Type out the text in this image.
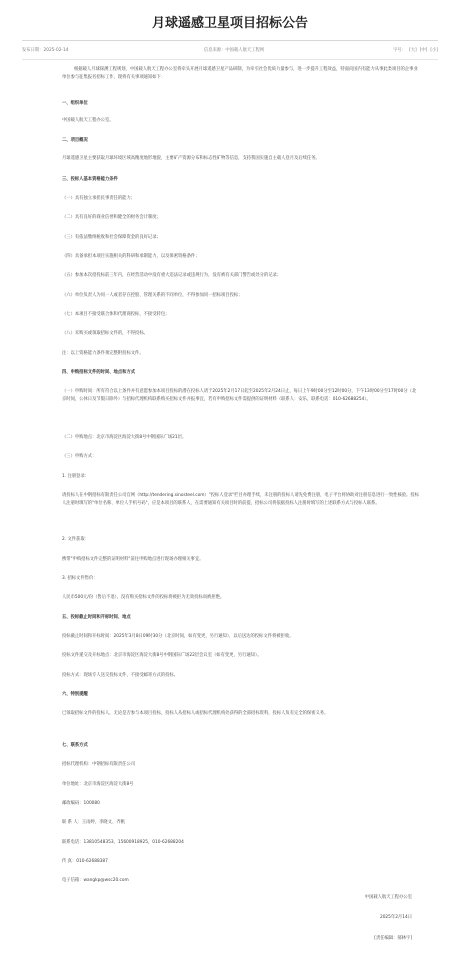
月球遥感卫星项目招标公告
发布日期：2025-02-14	信息来源：中国载人航天工程网	字号： [大] [中] [小]
根据载人月球探测工程规划，中国载人航天工程办公室将牵头开展月球遥感卫星产品研制，为牵引社会优质力量参与，进一步提升工程效益，特面向国内有能力从事此类项目的企事业单位参与征集报名招标工作，现将有关事项通知如下：
一、组织单位
中国载人航天工程办公室。
二、项目概况
月球遥感卫星主要获取月球环境区域高精度地形地貌，主要矿产资源分布和标志性矿物等信息，支持我国实施自主载人登月及后续任务。
三、投标人基本资格能力条件
（一）具有独立承担民事责任的能力；
（二）具有良好的商业信誉和健全的财务会计制度；
（三）有依法缴纳税收和社会保障资金的良好记录；
（四）具备承担本项目实施相关的科研和承制能力，以及保密资格条件；
（五）参加本次招投标前三年内，在经营活动中没有重大违法记录或违规行为，没有被有关部门警告或处分的记录；
（六）单位负责人为同一人或者存在控股、管理关系的不同单位，不得参加同一招标项目投标；
（七）本项目不接受联合体和代理商投标，不接受转包；
（八）未购买或领取招标文件的，不得投标。
注：以上资格能力条件须完整附投标文件。
四、申购招标文件的时间、地点和方式
（一）申购时间：所有符合以上条件并有意愿参加本项目投标的潜在投标人请于2025年2月17日起至2025年2月24日止，每日上午9时00分至12时00分，下午13时00分至17时00分（北京时间，公休日及节假日除外）与招标代理机构联系购买招标文件并报事宜，若有申购招标文件需提供的证明材料（联系人：安乐，联系电话：010-62688254）。
（二）申购地点：北京市海淀区海淀大街8号中钢国际广场21层。
（三）申购方式：
1. 注册登录：
请投标人在中钢招标有限责任公司官网（http://tendering.sinosteel.com）"投标人登录"栏目办理手续，未注册的投标人请先免费注册，电子平台将协助对注册信息进行一致性核验。投标人注册时填写的"单位名称、单位人手机号码"，应是本项目的联系人，在需要通知有关项目时的前提，招标公司将依据投标人注册时填写的上述联系方式与投标人联系。
2. 文件获取：
携带"申购招标文件完整的证明材料"前往申购地点进行现场办理相关事宜。
3. 招标文件售价：
人民币500元/份（售后不退），没有购买招标文件的投标将被拒为无效投标而被拒绝。
五、投标截止时间和开标时间、地点
投标截止时间和开标时间：2025年3月8日09时30分（北京时间，如有变更，另行通知），以后送达的投标文件将被拒收。
投标文件递交及开标地点：北京市海淀区海淀大街8号中钢国际广场22层会议室（如有变更，另行通知）。
投标方式：现场专人送交投标文件，不接受邮寄方式的投标。
六、特别提醒
已领取招标文件的投标人，无论是否参与本项目投标，投标人从招标人或招标代理机构处获得的全部招标资料，投标人负有完全的保密义务。
七、联系方式
招标代理机构：中钢招标有限责任公司
单位地址：北京市海淀区海淀大街8号
邮政编码：100080
联 系 人：王雨婷、李晓文、齐帆
联系电话：13810548353，15600918925，010-62688204
传 真：010-62688387
电子信箱：wangkp@wsc20.com
中国载人航天工程办公室
2025年2月14日
[责任编辑：郝林宇]
